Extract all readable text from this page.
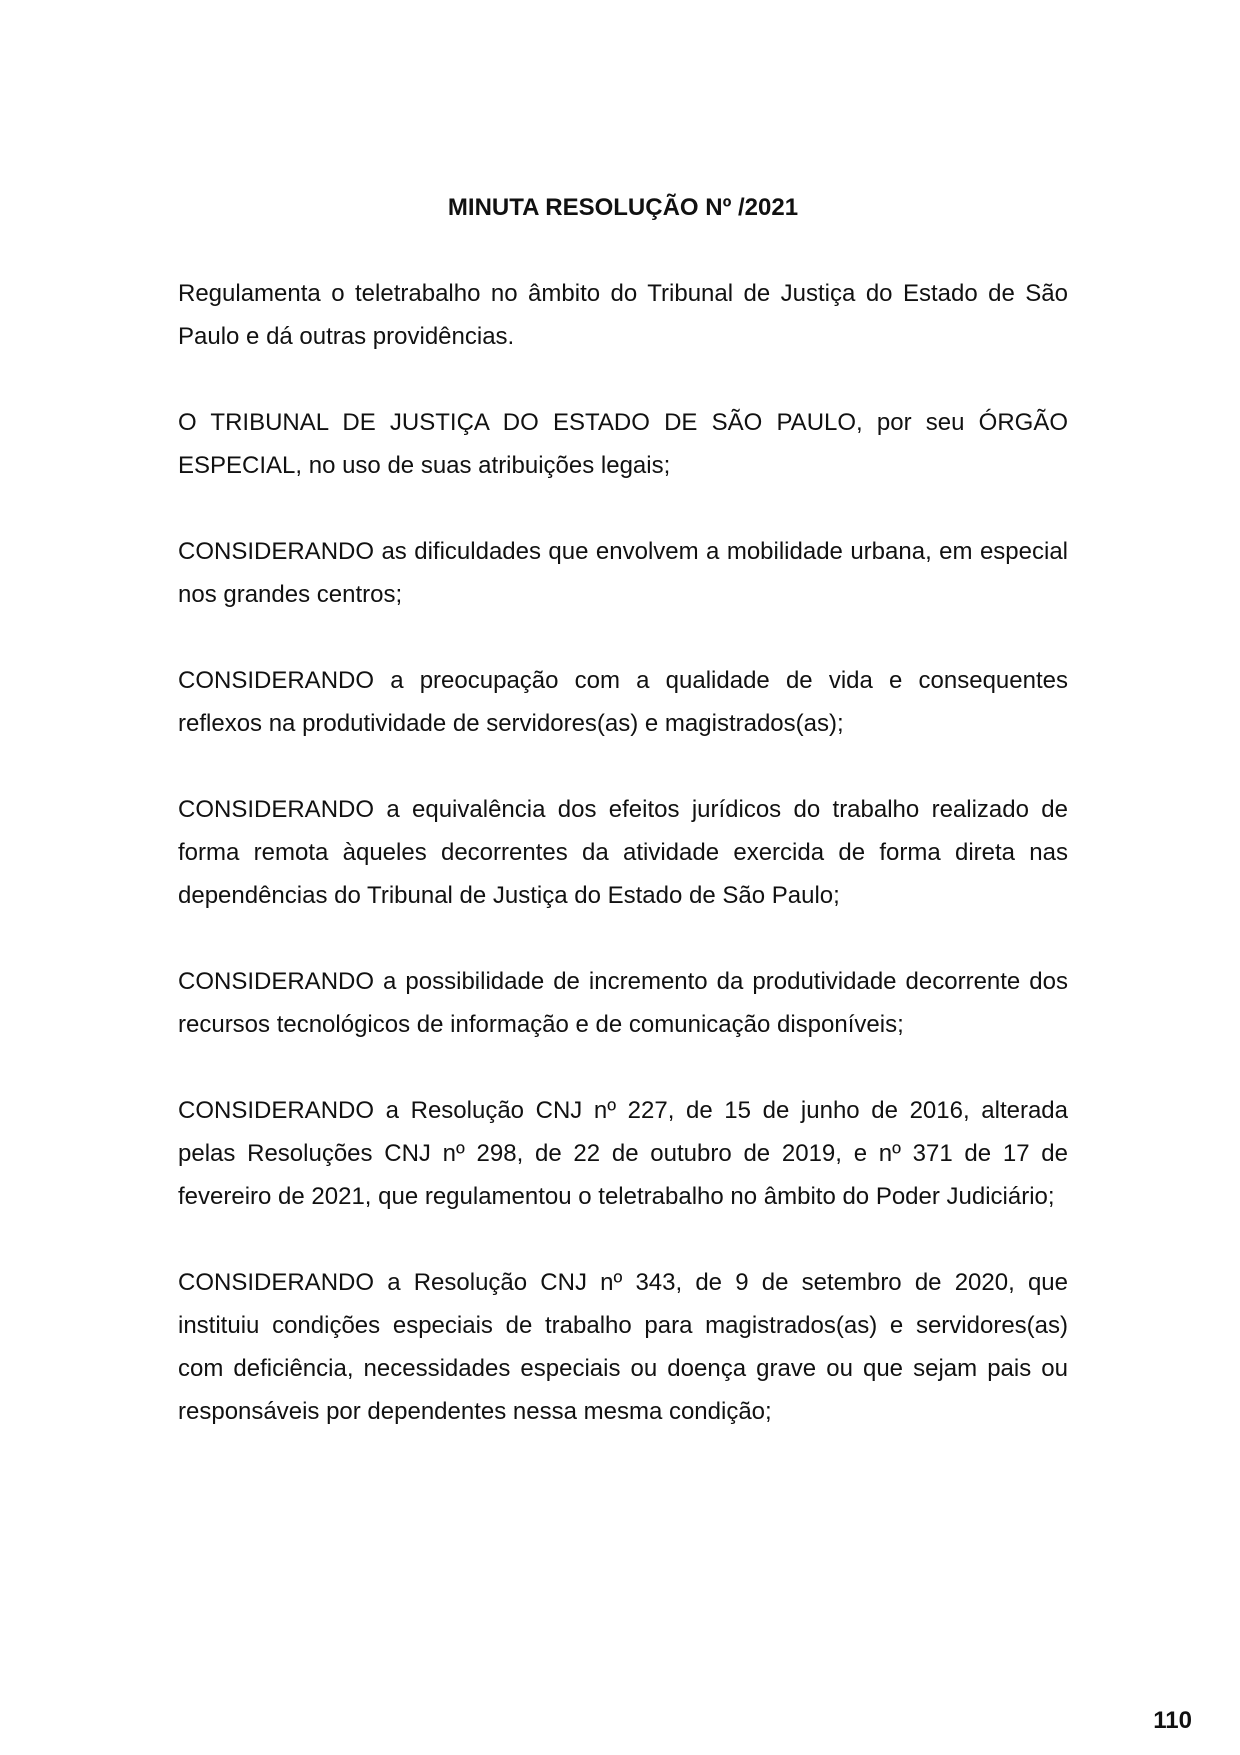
MINUTA RESOLUÇÃO Nº /2021

Regulamenta o teletrabalho no âmbito do Tribunal de Justiça do Estado de São Paulo e dá outras providências.

O TRIBUNAL DE JUSTIÇA DO ESTADO DE SÃO PAULO, por seu ÓRGÃO ESPECIAL, no uso de suas atribuições legais;

CONSIDERANDO as dificuldades que envolvem a mobilidade urbana, em especial nos grandes centros;

CONSIDERANDO a preocupação com a qualidade de vida e consequentes reflexos na produtividade de servidores(as) e magistrados(as);

CONSIDERANDO a equivalência dos efeitos jurídicos do trabalho realizado de forma remota àqueles decorrentes da atividade exercida de forma direta nas dependências do Tribunal de Justiça do Estado de São Paulo;

CONSIDERANDO a possibilidade de incremento da produtividade decorrente dos recursos tecnológicos de informação e de comunicação disponíveis;

CONSIDERANDO a Resolução CNJ nº 227, de 15 de junho de 2016, alterada pelas Resoluções CNJ nº 298, de 22 de outubro de 2019, e nº 371 de 17 de fevereiro de 2021, que regulamentou o teletrabalho no âmbito do Poder Judiciário;

CONSIDERANDO a Resolução CNJ nº 343, de 9 de setembro de 2020, que instituiu condições especiais de trabalho para magistrados(as) e servidores(as) com deficiência, necessidades especiais ou doença grave ou que sejam pais ou responsáveis por dependentes nessa mesma condição;

110
